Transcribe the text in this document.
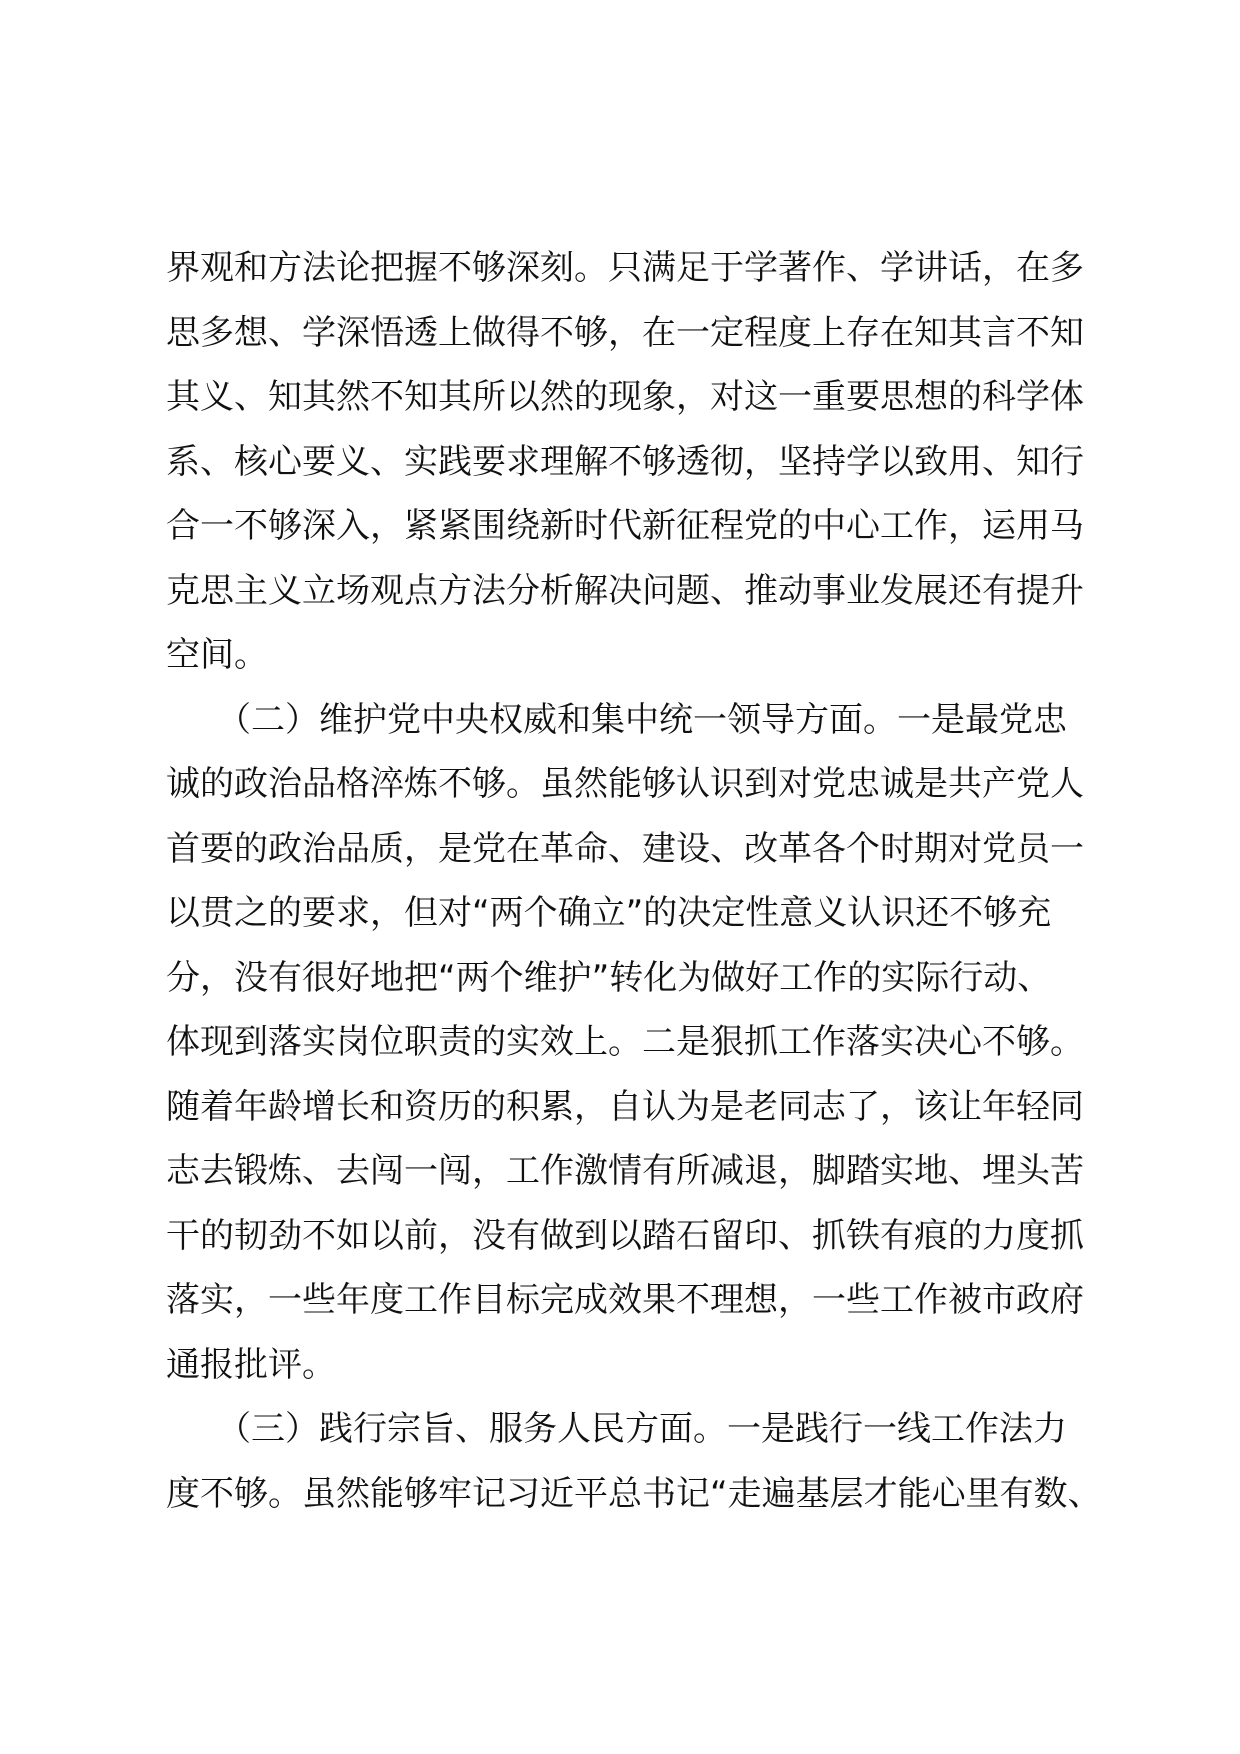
界观和方法论把握不够深刻。只满足于学著作、学讲话，在多
思多想、学深悟透上做得不够，在一定程度上存在知其言不知
其义、知其然不知其所以然的现象，对这一重要思想的科学体
系、核心要义、实践要求理解不够透彻，坚持学以致用、知行
合一不够深入，紧紧围绕新时代新征程党的中心工作，运用马
克思主义立场观点方法分析解决问题、推动事业发展还有提升
空间。
　　（二）维护党中央权威和集中统一领导方面。一是最党忠
诚的政治品格淬炼不够。虽然能够认识到对党忠诚是共产党人
首要的政治品质，是党在革命、建设、改革各个时期对党员一
以贯之的要求，但对“两个确立”的决定性意义认识还不够充
分，没有很好地把“两个维护”转化为做好工作的实际行动、
体现到落实岗位职责的实效上。二是狠抓工作落实决心不够。
随着年龄增长和资历的积累，自认为是老同志了，该让年轻同
志去锻炼、去闯一闯，工作激情有所减退，脚踏实地、埋头苦
干的韧劲不如以前，没有做到以踏石留印、抓铁有痕的力度抓
落实，一些年度工作目标完成效果不理想，一些工作被市政府
通报批评。
　　（三）践行宗旨、服务人民方面。一是践行一线工作法力
度不够。虽然能够牢记习近平总书记“走遍基层才能心里有数、
